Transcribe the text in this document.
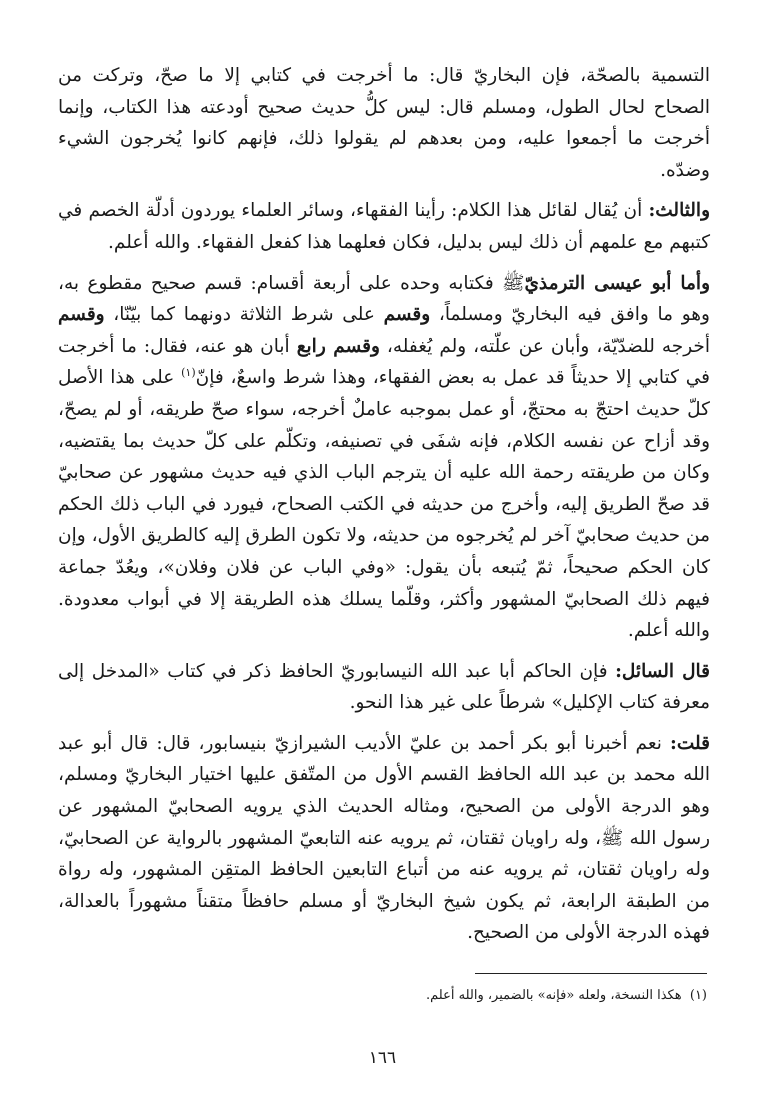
التسمية بالصحّة، فإن البخاريّ قال: ما أخرجت في كتابي إلا ما صحّ، وتركت من الصحاح لحال الطول، ومسلم قال: ليس كلُّ حديث صحيح أودعته هذا الكتاب، وإنما أخرجت ما أجمعوا عليه، ومن بعدهم لم يقولوا ذلك، فإنهم كانوا يُخرجون الشيء وضدّه.

والثالث: أن يُقال لقائل هذا الكلام: رأينا الفقهاء، وسائر العلماء يوردون أدلّة الخصم في كتبهم مع علمهم أن ذلك ليس بدليل، فكان فعلهما هذا كفعل الفقهاء. والله أعلم.

وأما أبو عيسى الترمذيّﷺ فكتابه وحده على أربعة أقسام: قسم صحيح مقطوع به، وهو ما وافق فيه البخاريّ ومسلماً، وقسم على شرط الثلاثة دونهما كما بيّنّا، وقسم أخرجه للضدّيّة، وأبان عن علّته، ولم يُغفله، وقسم رابع أبان هو عنه، فقال: ما أخرجت في كتابي إلا حديثاً قد عمل به بعض الفقهاء، وهذا شرط واسعٌ، فإنّ$^{(١)}$ على هذا الأصل كلّ حديث احتجّ به محتجّ، أو عمل بموجبه عاملٌ أخرجه، سواء صحّ طريقه، أو لم يصحّ، وقد أزاح عن نفسه الكلام، فإنه شفَى في تصنيفه، وتكلّم على كلّ حديث بما يقتضيه، وكان من طريقته رحمة الله عليه أن يترجم الباب الذي فيه حديث مشهور عن صحابيّ قد صحّ الطريق إليه، وأخرج من حديثه في الكتب الصحاح، فيورد في الباب ذلك الحكم من حديث صحابيّ آخر لم يُخرجوه من حديثه، ولا تكون الطرق إليه كالطريق الأول، وإن كان الحكم صحيحاً، ثمّ يُتبعه بأن يقول: «وفي الباب عن فلان وفلان»، ويعُدّ جماعة فيهم ذلك الصحابيّ المشهور وأكثر، وقلّما يسلك هذه الطريقة إلا في أبواب معدودة. والله أعلم.

قال السائل: فإن الحاكم أبا عبد الله النيسابوريّ الحافظ ذكر في كتاب «المدخل إلى معرفة كتاب الإكليل» شرطاً على غير هذا النحو.

قلت: نعم أخبرنا أبو بكر أحمد بن عليّ الأديب الشيرازيّ بنيسابور، قال: قال أبو عبد الله محمد بن عبد الله الحافظ القسم الأول من المتّفق عليها اختيار البخاريّ ومسلم، وهو الدرجة الأولى من الصحيح، ومثاله الحديث الذي يرويه الصحابيّ المشهور عن رسول الله ﷺ، وله راويان ثقتان، ثم يرويه عنه التابعيّ المشهور بالرواية عن الصحابيّ، وله راويان ثقتان، ثم يرويه عنه من أتباع التابعين الحافظ المتقِن المشهور، وله رواة من الطبقة الرابعة، ثم يكون شيخ البخاريّ أو مسلم حافظاً متقناً مشهوراً بالعدالة، فهذه الدرجة الأولى من الصحيح.

(١)  هكذا النسخة، ولعله «فإنه» بالضمير، والله أعلم.
١٦٦
